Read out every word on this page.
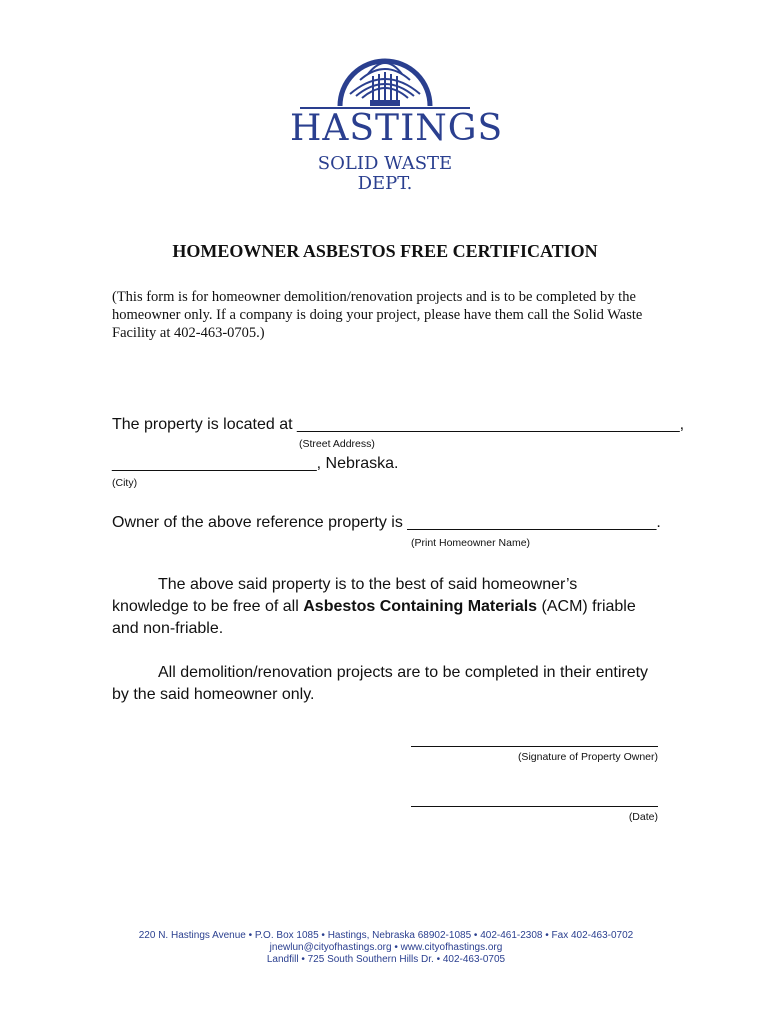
HASTINGS
SOLID WASTE DEPT.
HOMEOWNER ASBESTOS FREE CERTIFICATION
(This form is for homeowner demolition/renovation projects and is to be completed by the homeowner only. If a company is doing your project, please have them call the Solid Waste Facility at 402-463-0705.)
The property is located at ___________________________________________,
(Street Address)
_______________________, Nebraska.
(City)
Owner of the above reference property is ____________________________.
(Print Homeowner Name)
The above said property is to the best of said homeowner’s knowledge to be free of all Asbestos Containing Materials (ACM) friable and non-friable.
All demolition/renovation projects are to be completed in their entirety by the said homeowner only.
(Signature of Property Owner)
(Date)
220 N. Hastings Avenue • P.O. Box 1085 • Hastings, Nebraska 68902-1085 • 402-461-2308 • Fax 402-463-0702
jnewlun@cityofhastings.org • www.cityofhastings.org
Landfill • 725 South Southern Hills Dr. • 402-463-0705
